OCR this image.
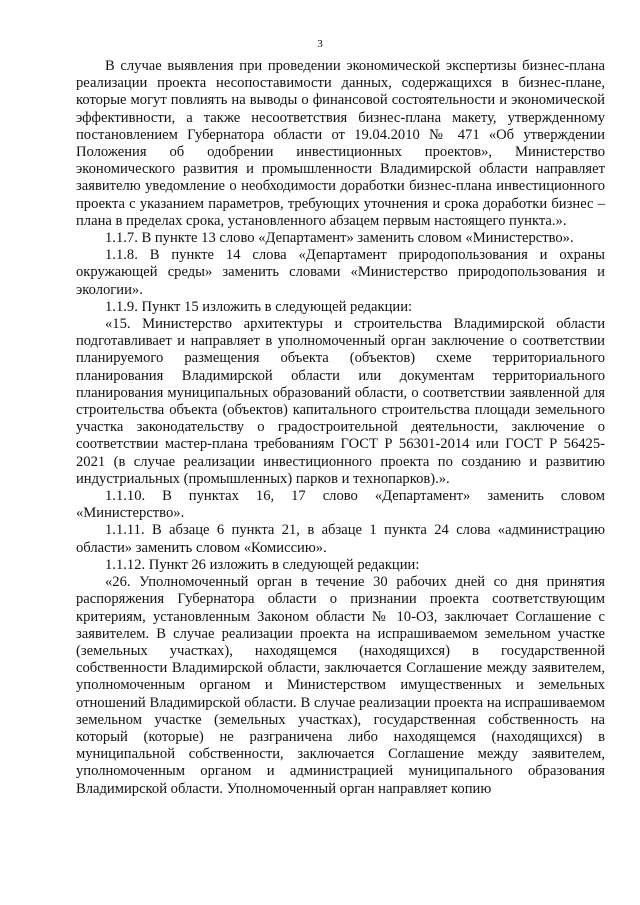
3

В случае выявления при проведении экономической экспертизы бизнес-плана реализации проекта несопоставимости данных, содержащихся в бизнес-плане, которые могут повлиять на выводы о финансовой состоятельности и экономической эффективности, а также несоответствия бизнес-плана макету, утвержденному постановлением Губернатора области от 19.04.2010 № 471 «Об утверждении Положения об одобрении инвестиционных проектов», Министерство экономического развития и промышленности Владимирской области направляет заявителю уведомление о необходимости доработки бизнес-плана инвестиционного проекта с указанием параметров, требующих уточнения и срока доработки бизнес – плана в пределах срока, установленного абзацем первым настоящего пункта.».

1.1.7. В пункте 13 слово «Департамент» заменить словом «Министерство».

1.1.8. В пункте 14 слова «Департамент природопользования и охраны окружающей среды» заменить словами «Министерство природопользования и экологии».

1.1.9. Пункт 15 изложить в следующей редакции:

«15. Министерство архитектуры и строительства Владимирской области подготавливает и направляет в уполномоченный орган заключение о соответствии планируемого размещения объекта (объектов) схеме территориального планирования Владимирской области или документам территориального планирования муниципальных образований области, о соответствии заявленной для строительства объекта (объектов) капитального строительства площади земельного участка законодательству о градостроительной деятельности, заключение о соответствии мастер-плана требованиям ГОСТ Р 56301-2014 или ГОСТ Р 56425-2021 (в случае реализации инвестиционного проекта по созданию и развитию индустриальных (промышленных) парков и технопарков).».

1.1.10. В пунктах 16, 17 слово «Департамент» заменить словом «Министерство».

1.1.11. В абзаце 6 пункта 21, в абзаце 1 пункта 24 слова «администрацию области» заменить словом «Комиссию».

1.1.12. Пункт 26 изложить в следующей редакции:

«26. Уполномоченный орган в течение 30 рабочих дней со дня принятия распоряжения Губернатора области о признании проекта соответствующим критериям, установленным Законом области № 10-ОЗ, заключает Соглашение с заявителем. В случае реализации проекта на испрашиваемом земельном участке (земельных участках), находящемся (находящихся) в государственной собственности Владимирской области, заключается Соглашение между заявителем, уполномоченным органом и Министерством имущественных и земельных отношений Владимирской области. В случае реализации проекта на испрашиваемом земельном участке (земельных участках), государственная собственность на который (которые) не разграничена либо находящемся (находящихся) в муниципальной собственности, заключается Соглашение между заявителем, уполномоченным органом и администрацией муниципального образования Владимирской области. Уполномоченный орган направляет копию
